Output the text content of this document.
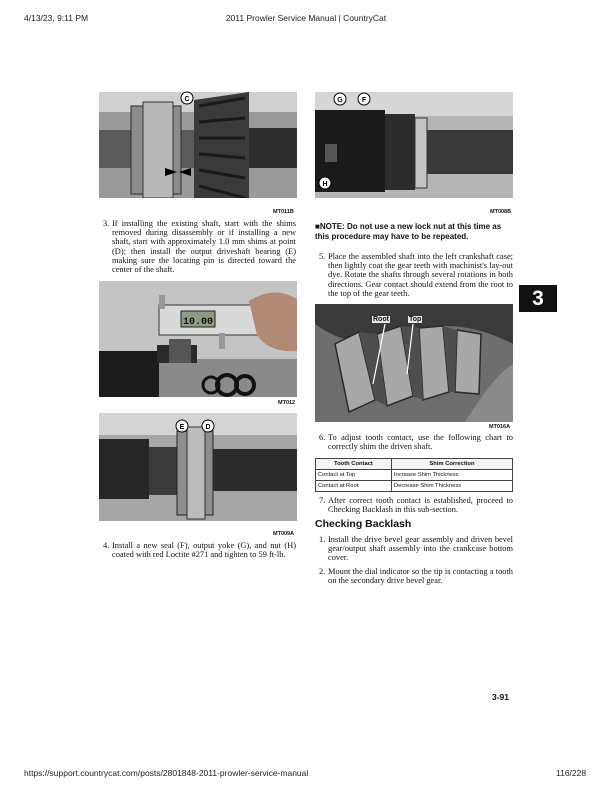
4/13/23, 9:11 PM	2011 Prowler Service Manual | CountryCat
https://support.countrycat.com/posts/2801848-2011-prowler-service-manual	116/228
C
MT011B
3. If installing the existing shaft, start with the shims removed during disassembly or if installing a new shaft, start with approximately 1.0 mm shims at point (D); then install the output driveshaft bearing (E) making sure the locating pin is directed toward the center of the shaft.
10.00
MT012
E	D
MT009A
4. Install a new seal (F), output yoke (G), and nut (H) coated with red Loctite #271 and tighten to 59 ft-lb.
G	F
H
MT008B
■NOTE: Do not use a new lock nut at this time as this procedure may have to be repeated.
5. Place the assembled shaft into the left crankshaft case; then lightly coat the gear teeth with machinist's lay-out dye. Rotate the shafts through several rotations in both directions. Gear contact should extend from the root to the top of the gear teeth.	3
Root	Top
MT016A
6. To adjust tooth contact, use the following chart to correctly shim the driven shaft.
Tooth Contact	Shim Correction
Contact at Top	Increase Shim Thickness
Contact at Root	Decrease Shim Thickness
7. After correct tooth contact is established, proceed to Checking Backlash in this sub-section.
Checking Backlash
1. Install the drive bevel gear assembly and driven bevel gear/output shaft assembly into the crankcase bottom cover.
2. Mount the dial indicator so the tip is contacting a tooth on the secondary drive bevel gear.
3-91
